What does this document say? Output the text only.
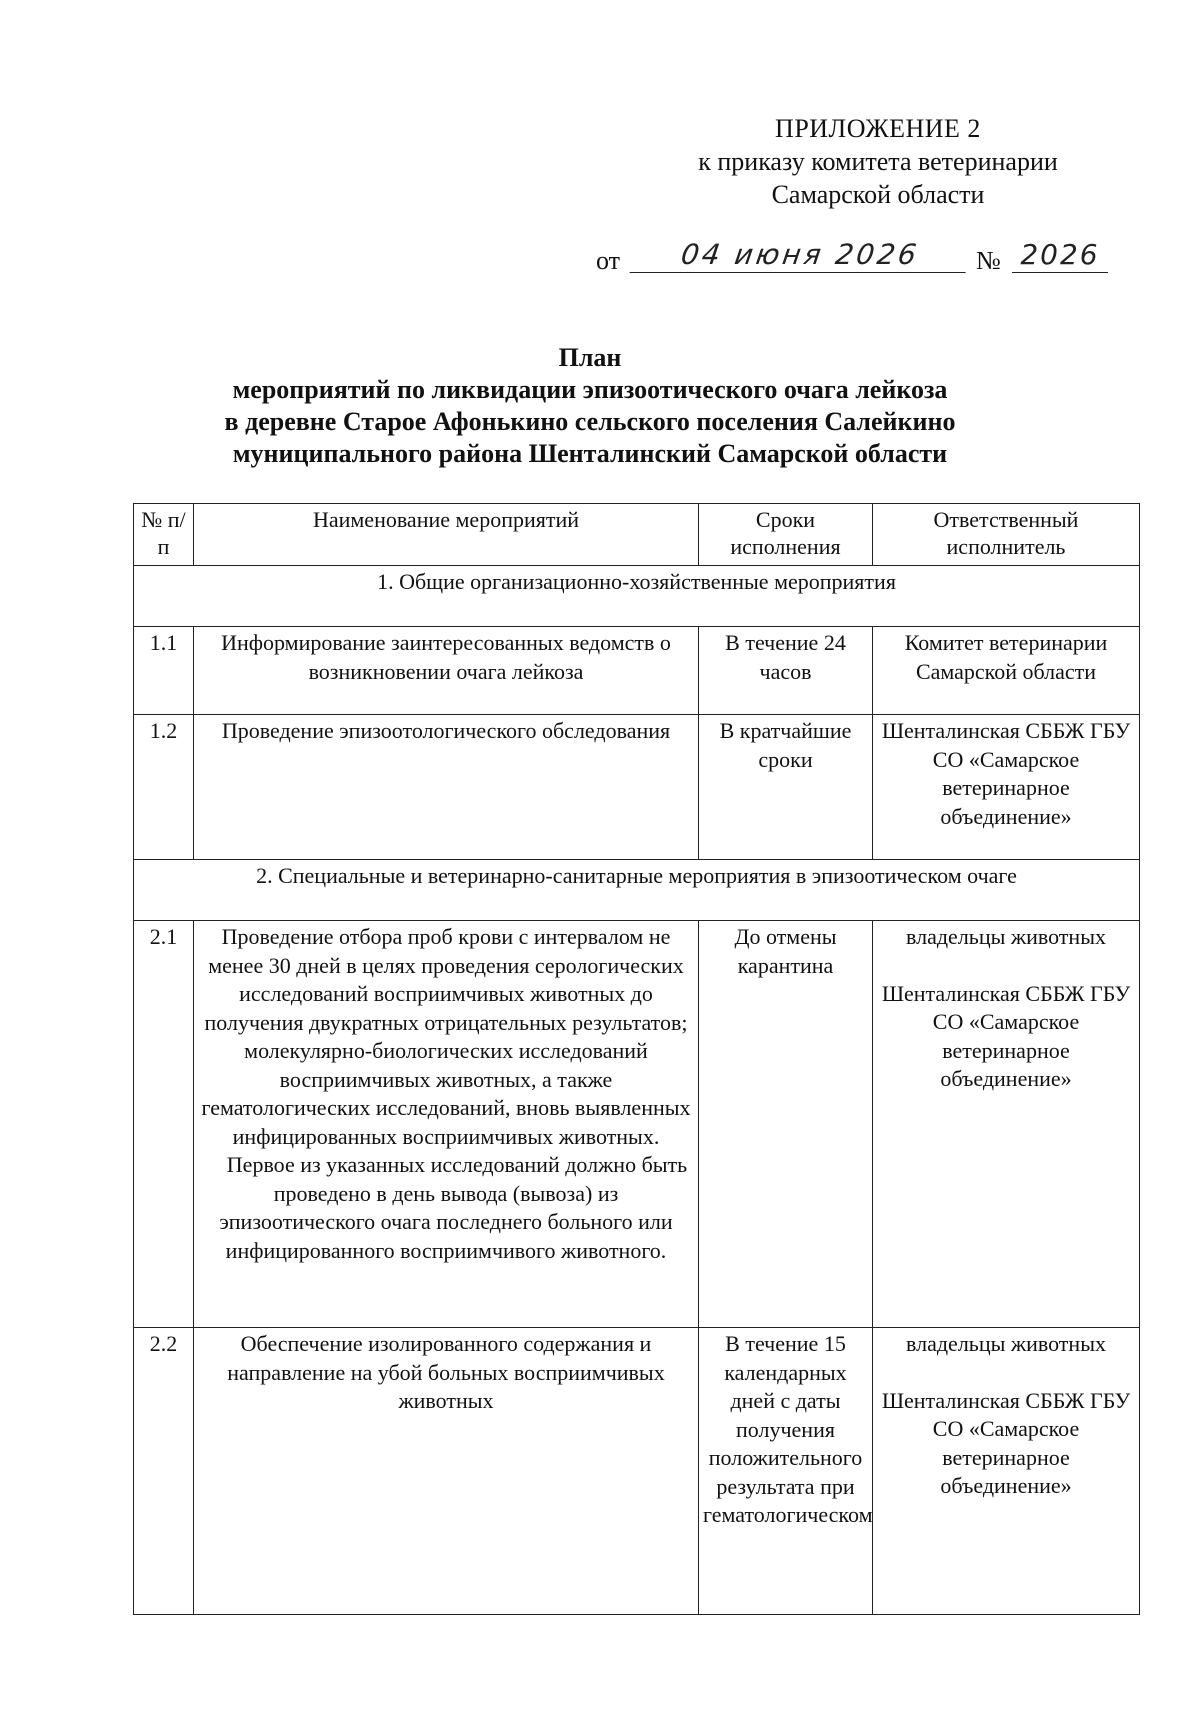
ПРИЛОЖЕНИЕ 2
к приказу комитета ветеринарии
Самарской области
от	04 июня 2026	№ 2026
План
мероприятий по ликвидации эпизоотического очага лейкоза
в деревне Старое Афонькино сельского поселения Салейкино
муниципального района Шенталинский Самарской области
№ п/п	Наименование мероприятий	Сроки исполнения	Ответственный исполнитель
1. Общие организационно-хозяйственные мероприятия			
1.1	Информирование заинтересованных ведомств о возникновении очага лейкоза	В течение 24 часов	Комитет ветеринарии Самарской области
1.2	Проведение эпизоотологического обследования	В кратчайшие сроки	Шенталинская СББЖ ГБУ СО «Самарское ветеринарное объединение»
2. Специальные и ветеринарно-санитарные мероприятия в эпизоотическом очаге			
2.1	Проведение отбора проб крови с интервалом не менее 30 дней в целях проведения серологических исследований восприимчивых животных до получения двукратных отрицательных результатов; молекулярно-биологических исследований восприимчивых животных, а также гематологических исследований, вновь выявленных инфицированных восприимчивых животных.
 Первое из указанных исследований должно быть проведено в день вывода (вывоза) из эпизоотического очага последнего больного или инфицированного восприимчивого животного.	До отмены карантина	владельцы животных
Шенталинская СББЖ ГБУ СО «Самарское ветеринарное объединение»
2.2	Обеспечение изолированного содержания и направление на убой больных восприимчивых животных	В течение 15 календарных дней с даты получения положительного результата при гематологическом	владельцы животных
Шенталинская СББЖ ГБУ СО «Самарское ветеринарное объединение»
